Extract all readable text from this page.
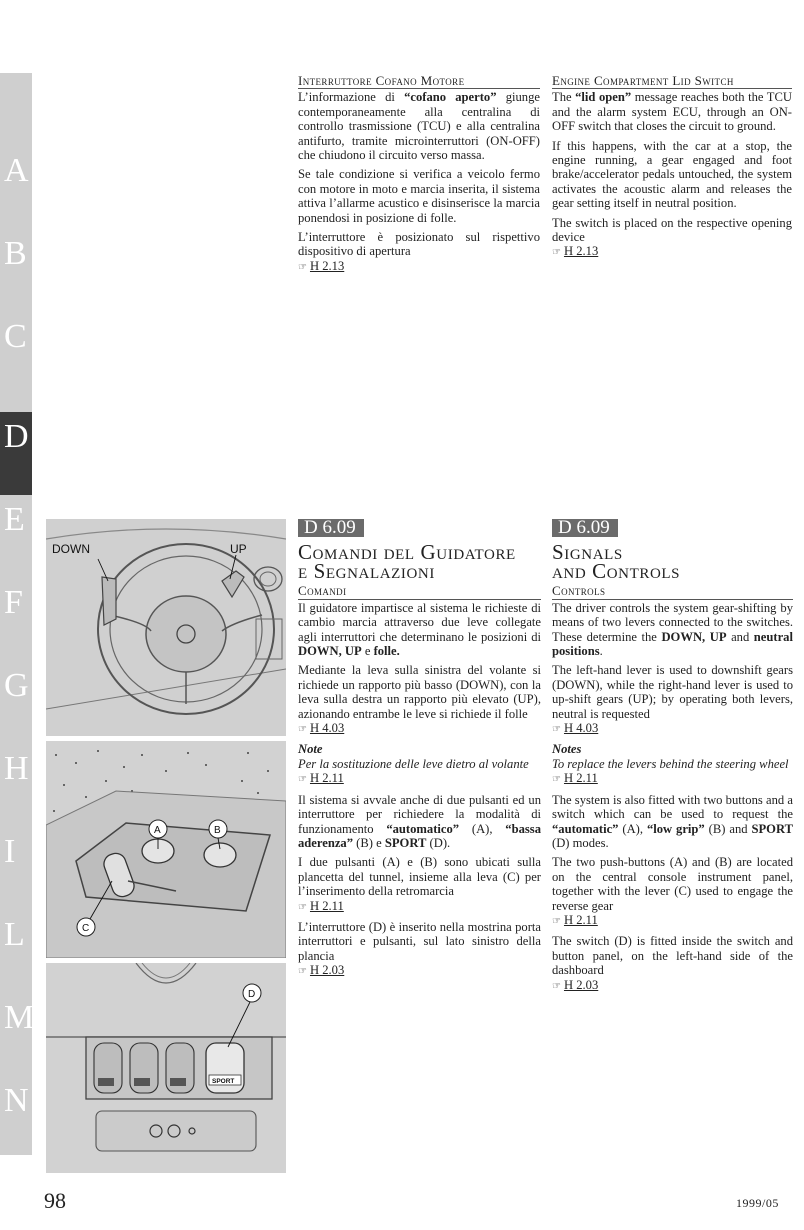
A
B
C
D
E
F
G
H
I
L
M
N
Interruttore Cofano Motore

L’informazione di “cofano aperto” giunge contemporaneamente alla centralina di controllo trasmissione (TCU) e alla centralina antifurto, tramite microinterruttori (ON-OFF) che chiudono il circuito verso massa.

Se tale condizione si verifica a veicolo fermo con motore in moto e marcia inserita, il sistema attiva l’allarme acustico e disinserisce la marcia ponendosi in posizione di folle.

L’interruttore è posizionato sul rispettivo dispositivo di apertura

☞ H 2.13
Engine Compartment Lid Switch

The “lid open” message reaches both the TCU and the alarm system ECU, through an ON-OFF switch that closes the circuit to ground.

If this happens, with the car at a stop, the engine running, a gear engaged and foot brake/accelerator pedals untouched, the system activates the acoustic alarm and releases the gear setting itself in neutral position.

The switch is placed on the respective opening device

☞ H 2.13
DOWN	UP
A	B
C
SPORT
D
D 6.09
Comandi del Guidatore
e Segnalazioni
Comandi

Il guidatore impartisce al sistema le richieste di cambio marcia attraverso due leve collegate agli interruttori che determinano le posizioni di DOWN, UP e folle.

Mediante la leva sulla sinistra del volante si richiede un rapporto più basso (DOWN), con la leva sulla destra un rapporto più elevato (UP), azionando entrambe le leve si richiede il folle

☞ H 4.03
Note
Per la sostituzione delle leve dietro al volante
☞ H 2.11

Il sistema si avvale anche di due pulsanti ed un interruttore per richiedere la modalità di funzionamento “automatico” (A), “bassa aderenza” (B) e SPORT (D).

I due pulsanti (A) e (B) sono ubicati sulla plancetta del tunnel, insieme alla leva (C) per l’inserimento della retromarcia

☞ H 2.11

L’interruttore (D) è inserito nella mostrina porta interruttori e pulsanti, sul lato sinistro della plancia

☞ H 2.03
D 6.09
Signals
and Controls
Controls

The driver controls the system gear-shifting by means of two levers connected to the switches. These determine the DOWN, UP and neutral positions.

The left-hand lever is used to downshift gears (DOWN), while the right-hand lever is used to up-shift gears (UP); by operating both levers, neutral is requested

☞ H 4.03
Notes
To replace the levers behind the steering wheel
☞ H 2.11

The system is also fitted with two buttons and a switch which can be used to request the “automatic” (A), “low grip” (B) and SPORT (D) modes.

The two push-buttons (A) and (B) are located on the central console instrument panel, together with the lever (C) used to engage the reverse gear

☞ H 2.11

The switch (D) is fitted inside the switch and button panel, on the left-hand side of the dashboard

☞ H 2.03
98	1999/05
